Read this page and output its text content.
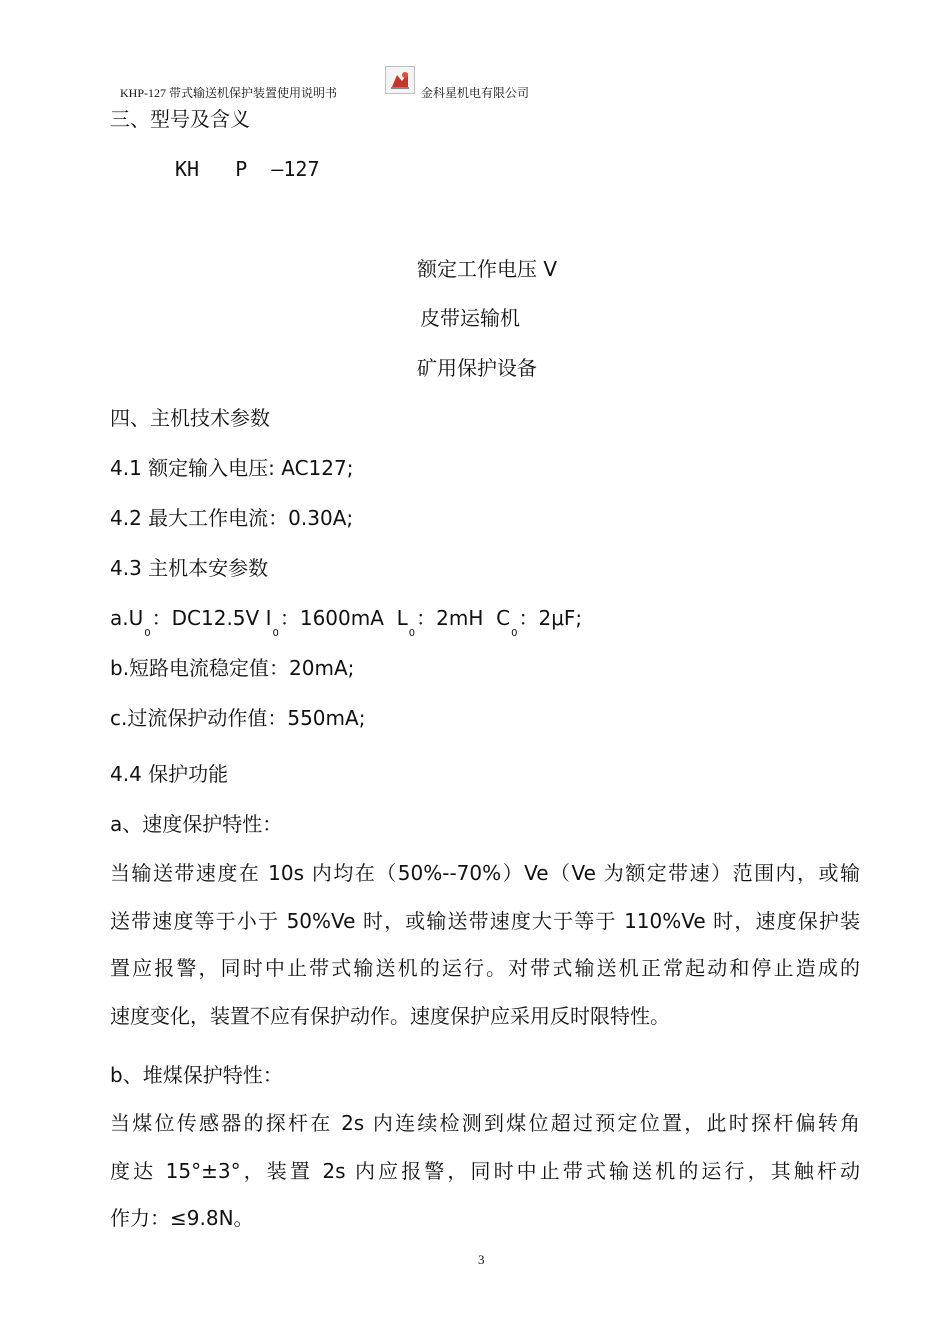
KHP-127 带式输送机保护装置使用说明书	金科星机电有限公司
三、型号及含义
KH   P  —127
额定工作电压 V
皮带运输机
矿用保护设备
四、主机技术参数
4.1 额定输入电压: AC127;
4.2 最大工作电流：0.30A;
4.3 主机本安参数
$a.U_0$：DC12.5V $I_0$：1600mA $L_0$：2mH $C_0$：2μF;
b.短路电流稳定值：20mA;
c.过流保护动作值：550mA;
4.4 保护功能
a、速度保护特性：
当输送带速度在 10s 内均在（50%--70%）Ve（Ve 为额定带速）范围内，或输
送带速度等于小于 50%Ve 时，或输送带速度大于等于 110%Ve 时，速度保护装
置应报警，同时中止带式输送机的运行。对带式输送机正常起动和停止造成的
速度变化，装置不应有保护动作。速度保护应采用反时限特性。
b、堆煤保护特性：
当煤位传感器的探杆在 2s 内连续检测到煤位超过预定位置，此时探杆偏转角
度达 15°±3°，装置 2s 内应报警，同时中止带式输送机的运行，其触杆动
作力：≤9.8N。
3
